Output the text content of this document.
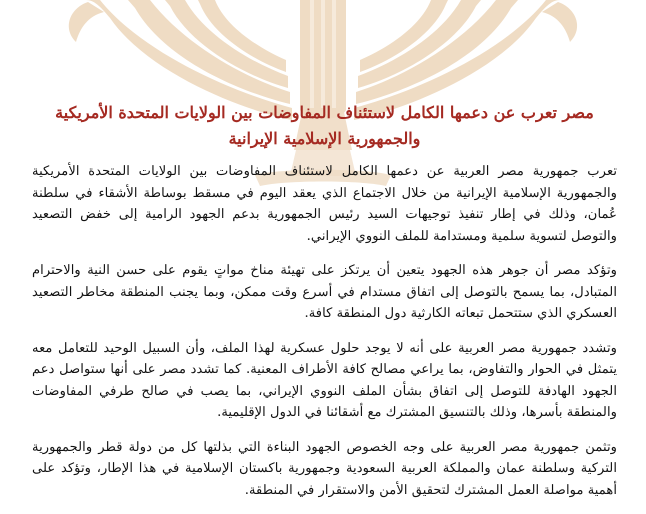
مصر تعرب عن دعمها الكامل لاستئناف المفاوضات بين الولايات المتحدة الأمريكية والجمهورية الإسلامية الإيرانية

تعرب جمهورية مصر العربية عن دعمها الكامل لاستئناف المفاوضات بين الولايات المتحدة الأمريكية والجمهورية الإسلامية الإيرانية من خلال الاجتماع الذي يعقد اليوم في مسقط بوساطة الأشقاء في سلطنة عُمان، وذلك في إطار تنفيذ توجيهات السيد رئيس الجمهورية بدعم الجهود الرامية إلى خفض التصعيد والتوصل لتسوية سلمية ومستدامة للملف النووي الإيراني.

وتؤكد مصر أن جوهر هذه الجهود يتعين أن يرتكز على تهيئة مناخ مواتٍ يقوم على حسن النية والاحترام المتبادل، بما يسمح بالتوصل إلى اتفاق مستدام في أسرع وقت ممكن، وبما يجنب المنطقة مخاطر التصعيد العسكري الذي ستتحمل تبعاته الكارثية دول المنطقة كافة.

وتشدد جمهورية مصر العربية على أنه لا يوجد حلول عسكرية لهذا الملف، وأن السبيل الوحيد للتعامل معه يتمثل في الحوار والتفاوض، بما يراعي مصالح كافة الأطراف المعنية. كما تشدد مصر على أنها ستواصل دعم الجهود الهادفة للتوصل إلى اتفاق بشأن الملف النووي الإيراني، بما يصب في صالح طرفي المفاوضات والمنطقة بأسرها، وذلك بالتنسيق المشترك مع أشقائنا في الدول الإقليمية.

وتثمن جمهورية مصر العربية على وجه الخصوص الجهود البناءة التي بذلتها كل من دولة قطر والجمهورية التركية وسلطنة عمان والمملكة العربية السعودية وجمهورية باكستان الإسلامية في هذا الإطار، وتؤكد على أهمية مواصلة العمل المشترك لتحقيق الأمن والاستقرار في المنطقة.
